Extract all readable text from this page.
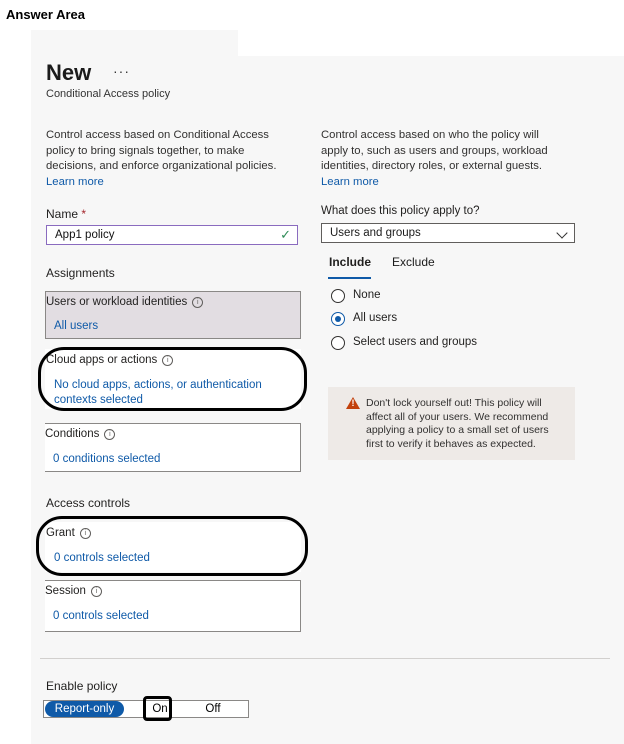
Answer Area
New ···
Conditional Access policy
Control access based on Conditional Access policy to bring signals together, to make decisions, and enforce organizational policies.
Learn more
Control access based on who the policy will apply to, such as users and groups, workload identities, directory roles, or external guests.
Learn more
Name *
App1 policy	✓
Assignments
Users or workload identities i
All users
Cloud apps or actions i
No cloud apps, actions, or authentication
contexts selected
Conditions i
0 conditions selected
Access controls
Grant i
0 controls selected
Session i
0 controls selected
What does this policy apply to?
Users and groups
Include Exclude
None
All users
Select users and groups
! Don't lock yourself out! This policy will affect all of your users. We recommend applying a policy to a small set of users first to verify it behaves as expected.
Enable policy
Report-only	On	Off
